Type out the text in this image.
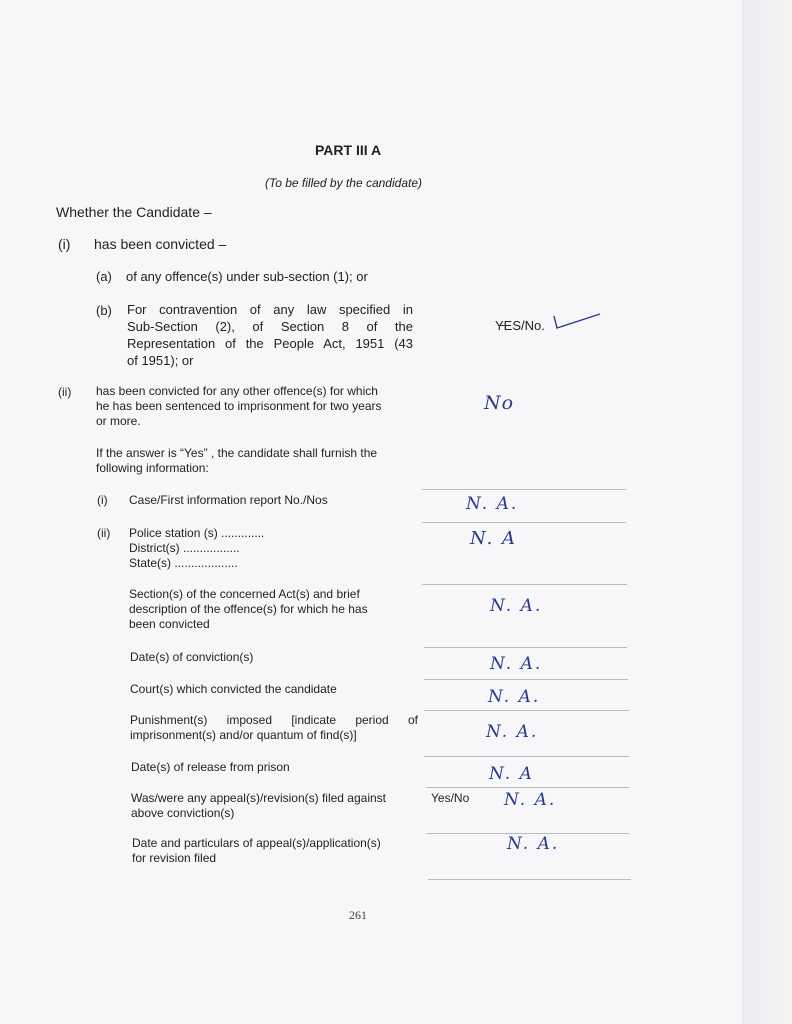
PART III A
(To be filled by the candidate)
Whether the Candidate –
(i) has been convicted –
(a) of any offence(s) under sub-section (1); or
(b) For contravention of any law specified in
Sub-Section (2), of Section 8 of the
Representation of the People Act, 1951 (43
of 1951); or
YES/No.
(ii) has been convicted for any other offence(s) for which
he has been sentenced to imprisonment for two years
or more.
No
If the answer is “Yes” , the candidate shall furnish the
following information:
(i) Case/First information report No./Nos	N. A.
(ii) Police station (s) .............
District(s) .................
State(s) ...................
N. A
Section(s) of the concerned Act(s) and brief
description of the offence(s) for which he has
been convicted
N. A.
Date(s) of conviction(s)	N. A.
Court(s) which convicted the candidate	N. A.
Punishment(s) imposed [indicate period of
imprisonment(s) and/or quantum of find(s)]	N. A.
Date(s) of release from prison	N. A
Was/were any appeal(s)/revision(s) filed against
above conviction(s)
Yes/No N. A.
Date and particulars of appeal(s)/application(s)
for revision filed
N. A.
261
